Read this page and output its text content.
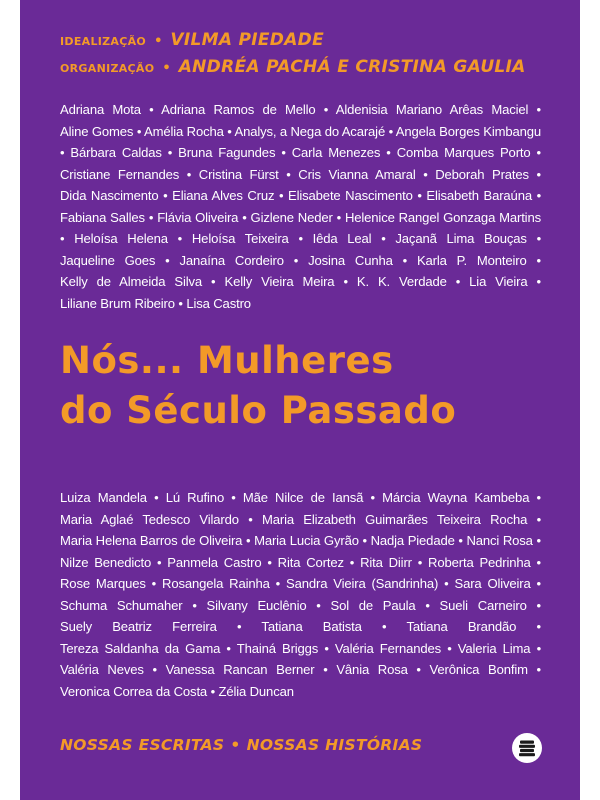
IDEALIZAÇÃO • VILMA PIEDADE
ORGANIZAÇÃO • ANDRÉA PACHÁ E CRISTINA GAULIA
Adriana Mota • Adriana Ramos de Mello • Aldenisia Mariano Arêas Maciel • Aline Gomes • Amélia Rocha • Analys, a Nega do Acarajé • Angela Borges Kimbangu • Bárbara Caldas • Bruna Fagundes • Carla Menezes • Comba Marques Porto • Cristiane Fernandes • Cristina Fürst • Cris Vianna Amaral • Deborah Prates • Dida Nascimento • Eliana Alves Cruz • Elisabete Nascimento • Elisabeth Baraúna • Fabiana Salles • Flávia Oliveira • Gizlene Neder • Helenice Rangel Gonzaga Martins • Heloísa Helena • Heloísa Teixeira • Iêda Leal • Jaçanã Lima Bouças • Jaqueline Goes • Janaína Cordeiro • Josina Cunha • Karla P. Monteiro • Kelly de Almeida Silva • Kelly Vieira Meira • K. K. Verdade • Lia Vieira • Liliane Brum Ribeiro • Lisa Castro
Nós... Mulheres
do Século Passado
Luiza Mandela • Lú Rufino • Mãe Nilce de Iansã • Márcia Wayna Kambeba • Maria Aglaé Tedesco Vilardo • Maria Elizabeth Guimarães Teixeira Rocha • Maria Helena Barros de Oliveira • Maria Lucia Gyrão • Nadja Piedade • Nanci Rosa • Nilze Benedicto • Panmela Castro • Rita Cortez • Rita Diirr • Roberta Pedrinha • Rose Marques • Rosangela Rainha • Sandra Vieira (Sandrinha) • Sara Oliveira • Schuma Schumaher • Silvany Euclênio • Sol de Paula • Sueli Carneiro • Suely Beatriz Ferreira • Tatiana Batista • Tatiana Brandão • Tereza Saldanha da Gama • Thainá Briggs • Valéria Fernandes • Valeria Lima • Valéria Neves • Vanessa Rancan Berner • Vânia Rosa • Verônica Bonfim • Veronica Correa da Costa • Zélia Duncan
NOSSAS ESCRITAS • NOSSAS HISTÓRIAS
